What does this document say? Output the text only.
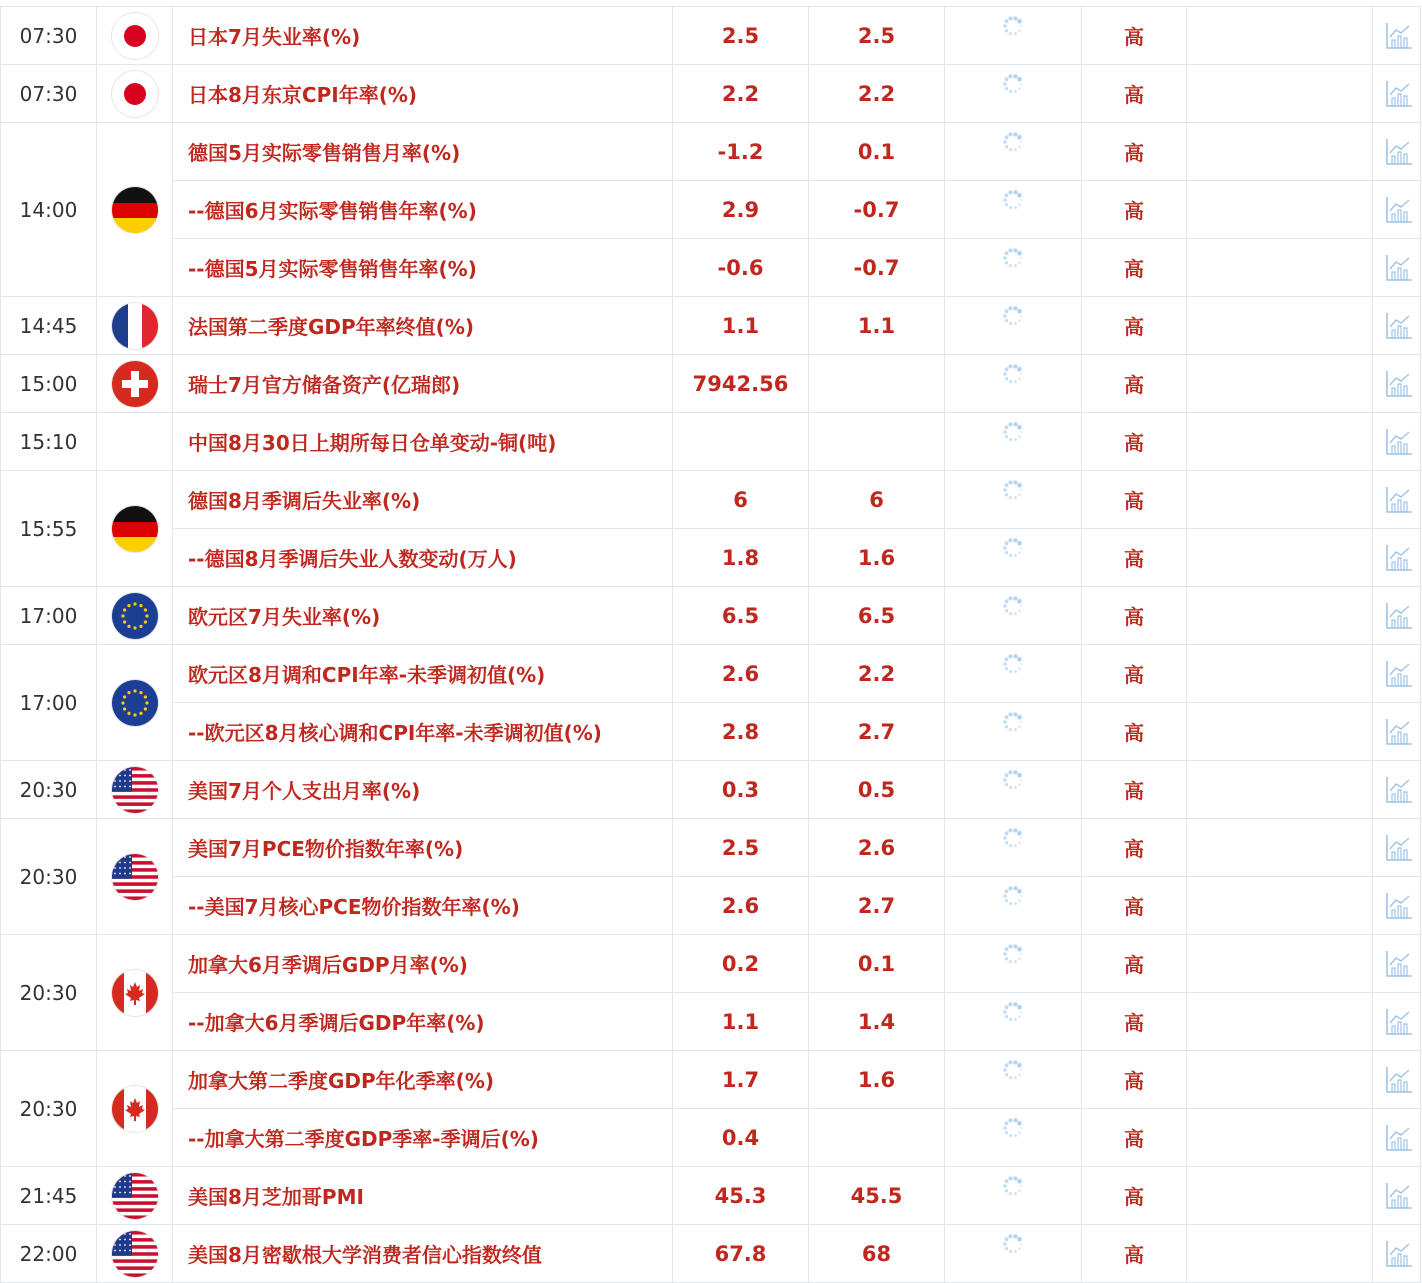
07:30		日本7月失业率(%)	2.5	2.5		高		
07:30		日本8月东京CPI年率(%)	2.2	2.2		高		
14:00		德国5月实际零售销售月率(%)	-1.2	0.1		高		
		--德国6月实际零售销售年率(%)	2.9	-0.7		高		
		--德国5月实际零售销售年率(%)	-0.6	-0.7		高		
14:45		法国第二季度GDP年率终值(%)	1.1	1.1		高		
15:00		瑞士7月官方储备资产(亿瑞郎)	7942.56			高		
15:10		中国8月30日上期所每日仓单变动-铜(吨)				高		
15:55		德国8月季调后失业率(%)	6	6		高		
		--德国8月季调后失业人数变动(万人)	1.8	1.6		高		
17:00		欧元区7月失业率(%)	6.5	6.5		高		
17:00		欧元区8月调和CPI年率-未季调初值(%)	2.6	2.2		高		
		--欧元区8月核心调和CPI年率-未季调初值(%)	2.8	2.7		高		
20:30		美国7月个人支出月率(%)	0.3	0.5		高		
20:30		美国7月PCE物价指数年率(%)	2.5	2.6		高		
		--美国7月核心PCE物价指数年率(%)	2.6	2.7		高		
20:30		加拿大6月季调后GDP月率(%)	0.2	0.1		高		
		--加拿大6月季调后GDP年率(%)	1.1	1.4		高		
20:30		加拿大第二季度GDP年化季率(%)	1.7	1.6		高		
		--加拿大第二季度GDP季率-季调后(%)	0.4			高		
21:45		美国8月芝加哥PMI	45.3	45.5		高		
22:00		美国8月密歇根大学消费者信心指数终值	67.8	68		高		
